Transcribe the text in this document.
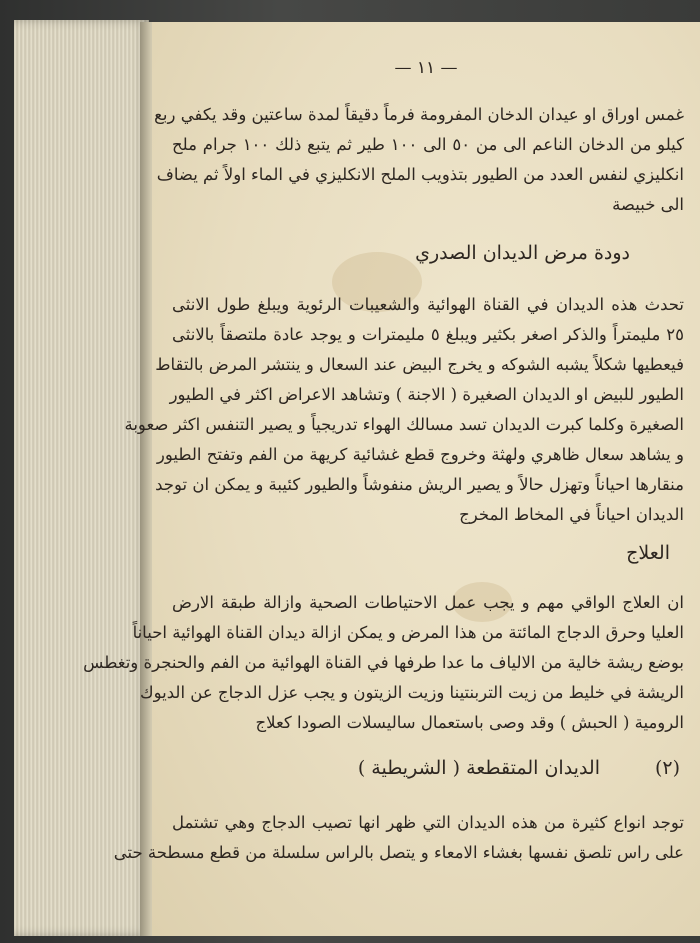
— ١١ —
غمس اوراق او عيدان الدخان المفرومة فرماً دقيقاً لمدة ساعتين وقد يكفي ربع
كيلو من الدخان الناعم الى من ٥٠ الى ١٠٠ طير ثم يتبع ذلك ١٠٠ جرام ملح
انكليزي لنفس العدد من الطيور بتذويب الملح الانكليزي في الماء اولاً ثم يضاف
الى خبيصة
دودة مرض الديدان الصدري
تحدث هذه الديدان في القناة الهوائية والشعيبات الرئوية ويبلغ طول الانثى
٢٥ مليمتراً والذكر اصغر بكثير ويبلغ ٥ مليمترات و يوجد عادة ملتصقاً بالانثى
فيعطيها شكلاً يشبه الشوكه و يخرج البيض عند السعال و ينتشر المرض بالتقاط
الطيور للبيض او الديدان الصغيرة ( الاجنة ) وتشاهد الاعراض اكثر في الطيور
الصغيرة وكلما كبرت الديدان تسد مسالك الهواء تدريجياً و يصير التنفس اكثر صعوبة
و يشاهد سعال ظاهري ولهثة وخروج قطع غشائية كريهة من الفم وتفتح الطيور
منقارها احياناً وتهزل حالاً و يصير الريش منفوشاً والطيور كئيبة و يمكن ان توجد
الديدان احياناً في المخاط المخرج
العلاج
ان العلاج الواقي مهم و يجب عمل الاحتياطات الصحية وازالة طبقة الارض
العليا وحرق الدجاج المائتة من هذا المرض و يمكن ازالة ديدان القناة الهوائية احياناً
بوضع ريشة خالية من الالياف ما عدا طرفها في القناة الهوائية من الفم والحنجرة وتغطس
الريشة في خليط من زيت التربنتينا وزيت الزيتون و يجب عزل الدجاج عن الديوك
الرومية ( الحبش ) وقد وصى باستعمال ساليسلات الصودا كعلاج
(٢)
الديدان المتقطعة ( الشريطية )
توجد انواع كثيرة من هذه الديدان التي ظهر انها تصيب الدجاج وهي تشتمل
على راس تلصق نفسها بغشاء الامعاء و يتصل بالراس سلسلة من قطع مسطحة حتى
